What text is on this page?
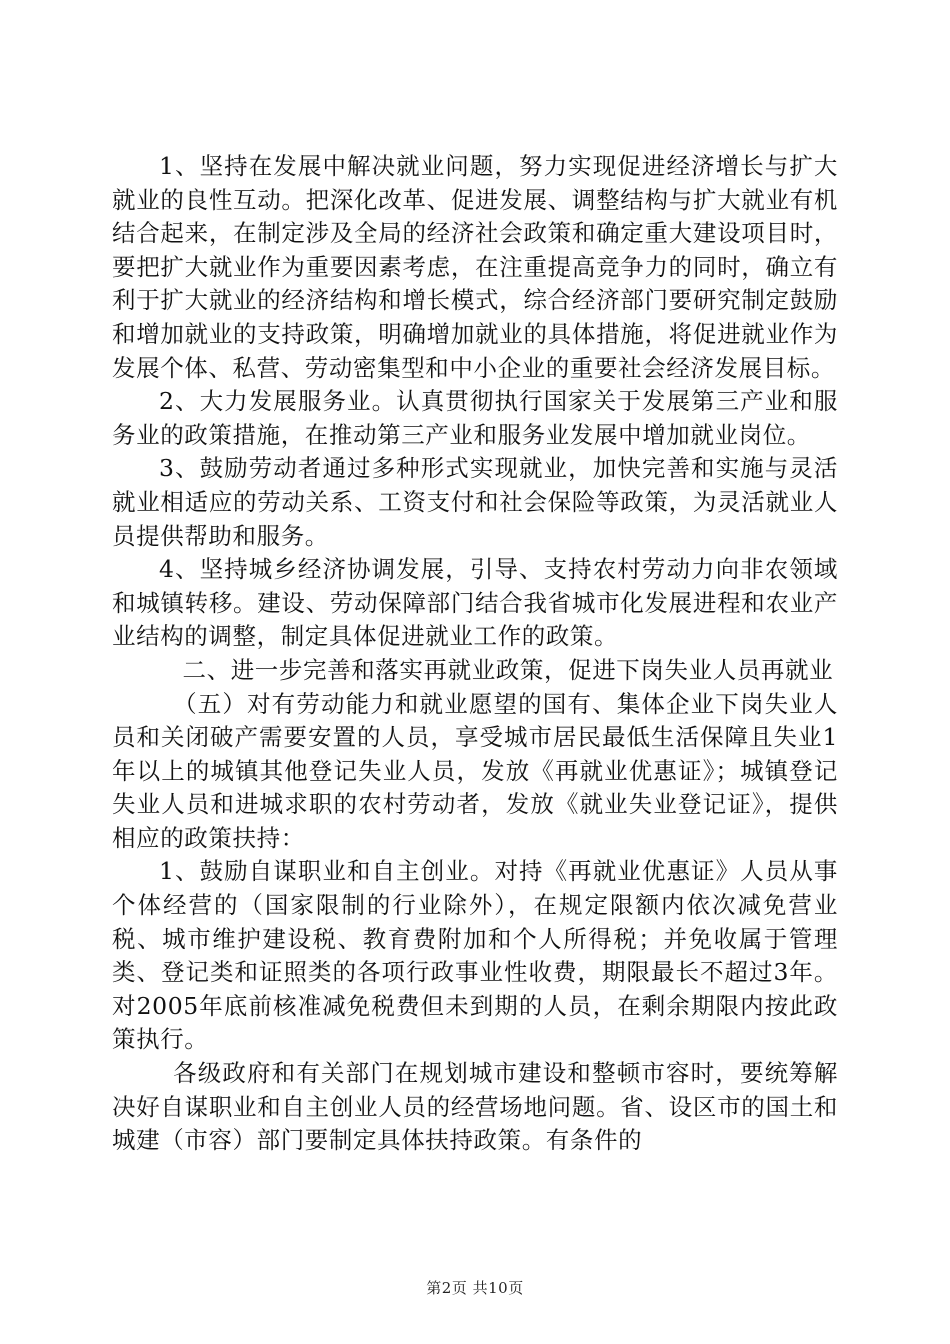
1、坚持在发展中解决就业问题，努力实现促进经济增长与扩大就业的良性互动。把深化改革、促进发展、调整结构与扩大就业有机结合起来，在制定涉及全局的经济社会政策和确定重大建设项目时，要把扩大就业作为重要因素考虑，在注重提高竞争力的同时，确立有利于扩大就业的经济结构和增长模式，综合经济部门要研究制定鼓励和增加就业的支持政策，明确增加就业的具体措施，将促进就业作为发展个体、私营、劳动密集型和中小企业的重要社会经济发展目标。

2、大力发展服务业。认真贯彻执行国家关于发展第三产业和服务业的政策措施，在推动第三产业和服务业发展中增加就业岗位。

3、鼓励劳动者通过多种形式实现就业，加快完善和实施与灵活就业相适应的劳动关系、工资支付和社会保险等政策，为灵活就业人员提供帮助和服务。

4、坚持城乡经济协调发展，引导、支持农村劳动力向非农领域和城镇转移。建设、劳动保障部门结合我省城市化发展进程和农业产业结构的调整，制定具体促进就业工作的政策。

二、进一步完善和落实再就业政策，促进下岗失业人员再就业

（五）对有劳动能力和就业愿望的国有、集体企业下岗失业人员和关闭破产需要安置的人员，享受城市居民最低生活保障且失业1年以上的城镇其他登记失业人员，发放《再就业优惠证》；城镇登记失业人员和进城求职的农村劳动者，发放《就业失业登记证》，提供相应的政策扶持：

1、鼓励自谋职业和自主创业。对持《再就业优惠证》人员从事个体经营的（国家限制的行业除外），在规定限额内依次减免营业税、城市维护建设税、教育费附加和个人所得税；并免收属于管理类、登记类和证照类的各项行政事业性收费，期限最长不超过3年。对2005年底前核准减免税费但未到期的人员，在剩余期限内按此政策执行。

各级政府和有关部门在规划城市建设和整顿市容时，要统筹解决好自谋职业和自主创业人员的经营场地问题。省、设区市的国土和城建（市容）部门要制定具体扶持政策。有条件的

第2页 共10页
